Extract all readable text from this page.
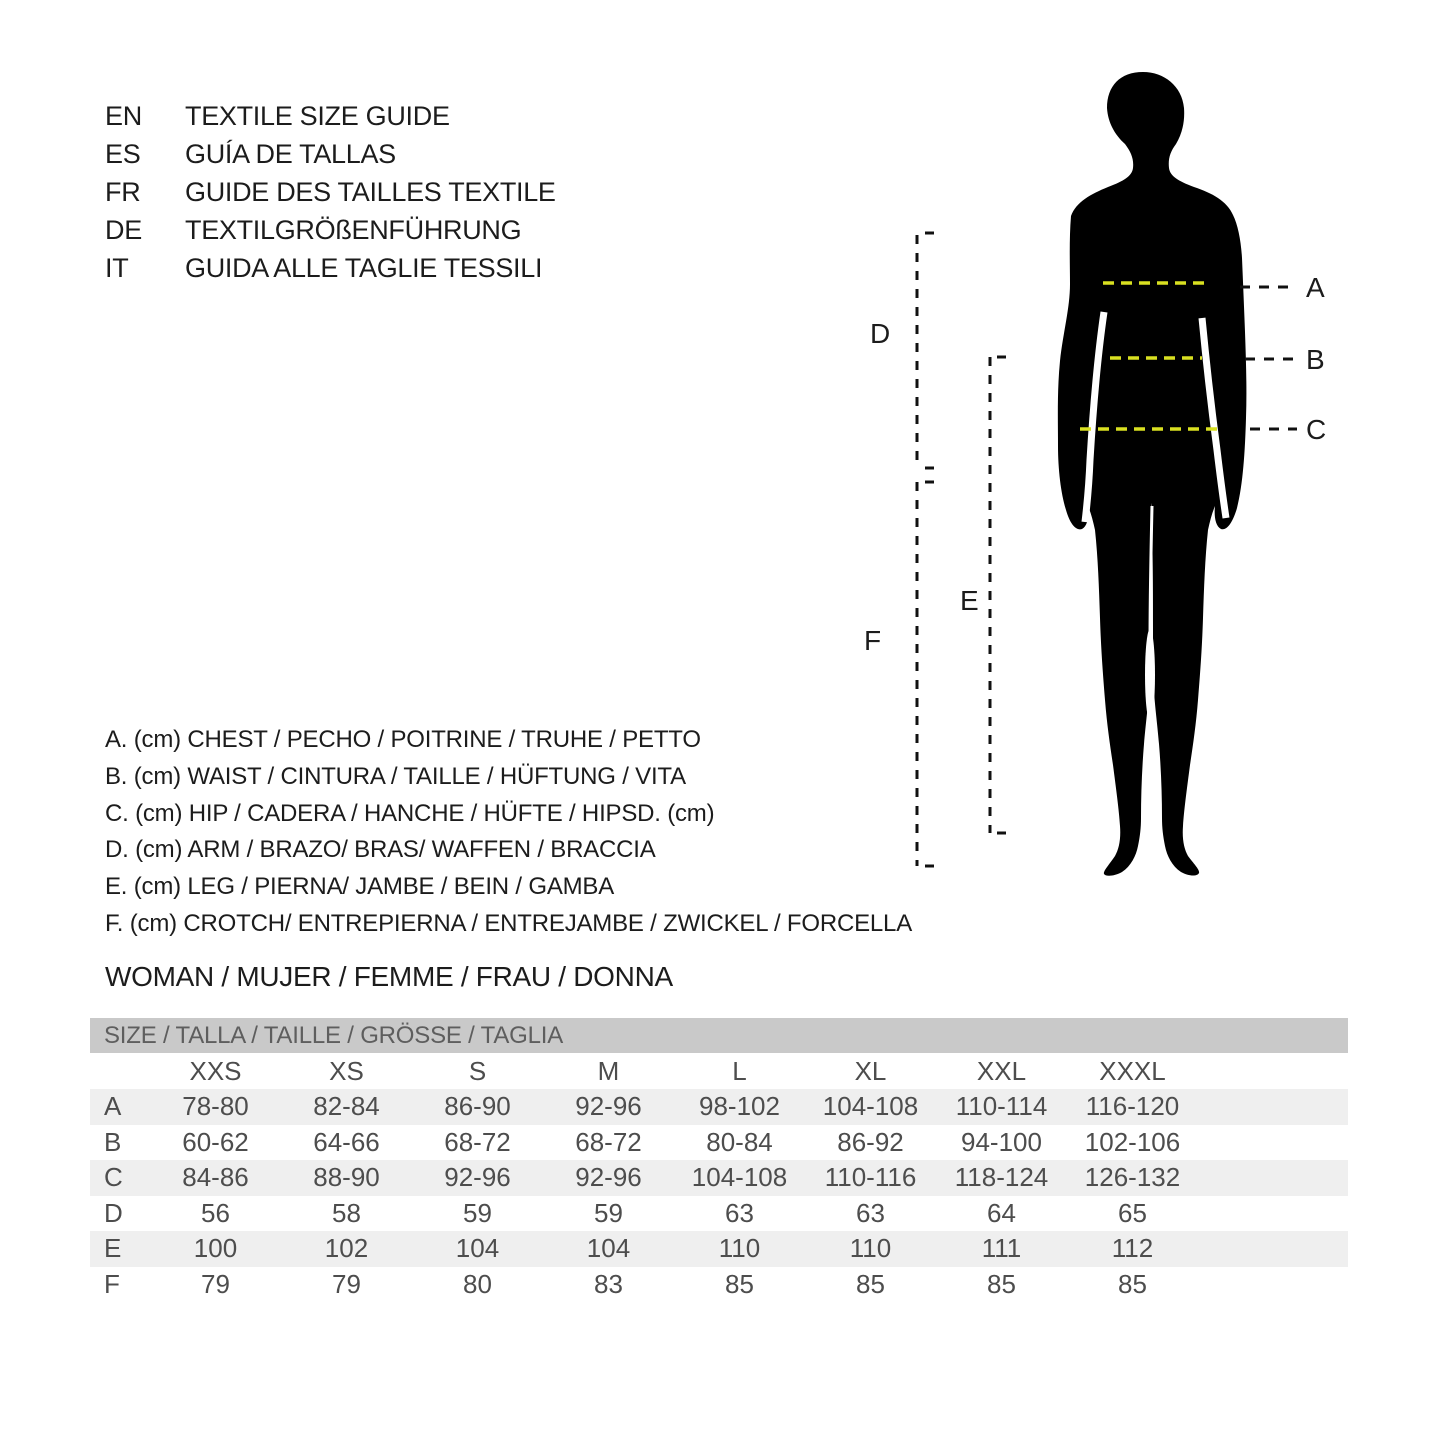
EN	TEXTILE SIZE GUIDE
ES	GUÍA DE TALLAS
FR	GUIDE DES TAILLES TEXTILE
DE	TEXTILGRÖßENFÜHRUNG
IT	GUIDA ALLE TAGLIE TESSILI
D
E
F
A
B
C
A. (cm) CHEST / PECHO / POITRINE / TRUHE / PETTO
B. (cm) WAIST / CINTURA / TAILLE / HÜFTUNG / VITA
C. (cm) HIP / CADERA / HANCHE / HÜFTE / HIPSD. (cm)
D. (cm) ARM / BRAZO/ BRAS/ WAFFEN / BRACCIA
E. (cm) LEG / PIERNA/ JAMBE / BEIN / GAMBA
F. (cm) CROTCH/ ENTREPIERNA / ENTREJAMBE / ZWICKEL / FORCELLA
WOMAN / MUJER / FEMME / FRAU / DONNA
SIZE / TALLA / TAILLE / GRÖSSE / TAGLIA
XXS	XS	S	M	L	XL	XXL	XXXL
A	78-80	82-84	86-90	92-96	98-102	104-108	110-114	116-120
B	60-62	64-66	68-72	68-72	80-84	86-92	94-100	102-106
C	84-86	88-90	92-96	92-96	104-108	110-116	118-124	126-132
D	56	58	59	59	63	63	64	65
E	100	102	104	104	110	110	111	112
F	79	79	80	83	85	85	85	85
